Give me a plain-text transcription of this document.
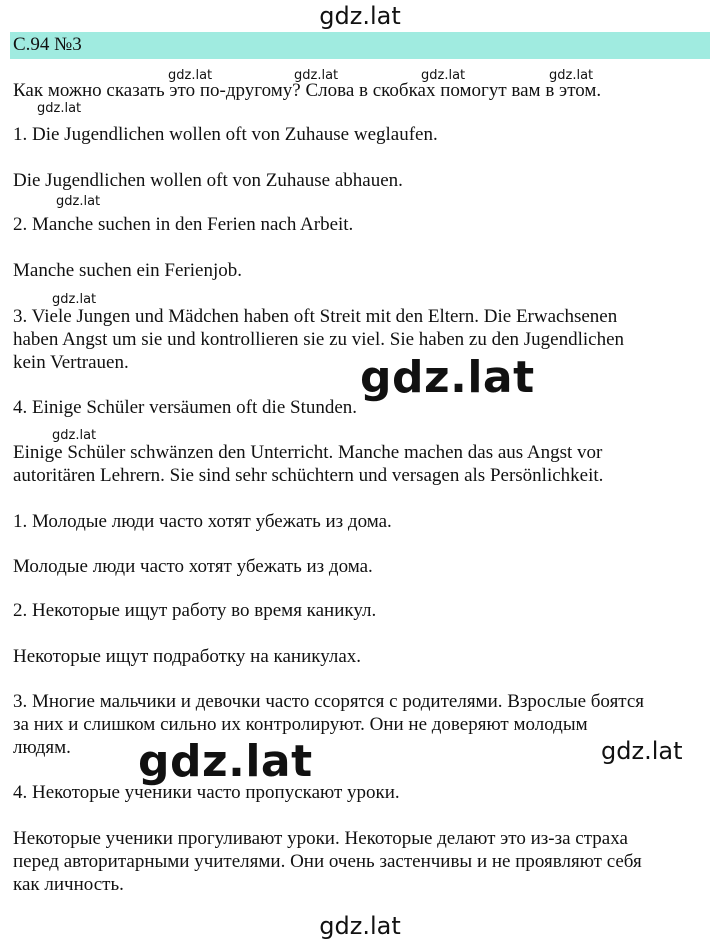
gdz.lat
С.94 №3
gdz.lat	gdz.lat	gdz.lat	gdz.lat
gdz.lat
gdz.lat
gdz.lat
gdz.lat
Как можно сказать это по-другому? Слова в скобках помогут вам в этом.
1. Die Jugendlichen wollen oft von Zuhause weglaufen.
Die Jugendlichen wollen oft von Zuhause abhauen.
2. Manche suchen in den Ferien nach Arbeit.
Manche suchen ein Ferienjob.
3. Viele Jungen und Mädchen haben oft Streit mit den Eltern. Die Erwachsenen
haben Angst um sie und kontrollieren sie zu viel. Sie haben zu den Jugendlichen
kein Vertrauen.
4. Einige Schüler versäumen oft die Stunden.
Einige Schüler schwänzen den Unterricht. Manche machen das aus Angst vor
autoritären Lehrern. Sie sind sehr schüchtern und versagen als Persönlichkeit.
1. Молодые люди часто хотят убежать из дома.
Молодые люди часто хотят убежать из дома.
2. Некоторые ищут работу во время каникул.
Некоторые ищут подработку на каникулах.
3. Многие мальчики и девочки часто ссорятся с родителями. Взрослые боятся
за них и слишком сильно их контролируют. Они не доверяют молодым
людям.
4. Некоторые ученики часто пропускают уроки.
Некоторые ученики прогуливают уроки. Некоторые делают это из-за страха
перед авторитарными учителями. Они очень застенчивы и не проявляют себя
как личность.
gdz.lat
gdz.lat	gdz.lat
gdz.lat
